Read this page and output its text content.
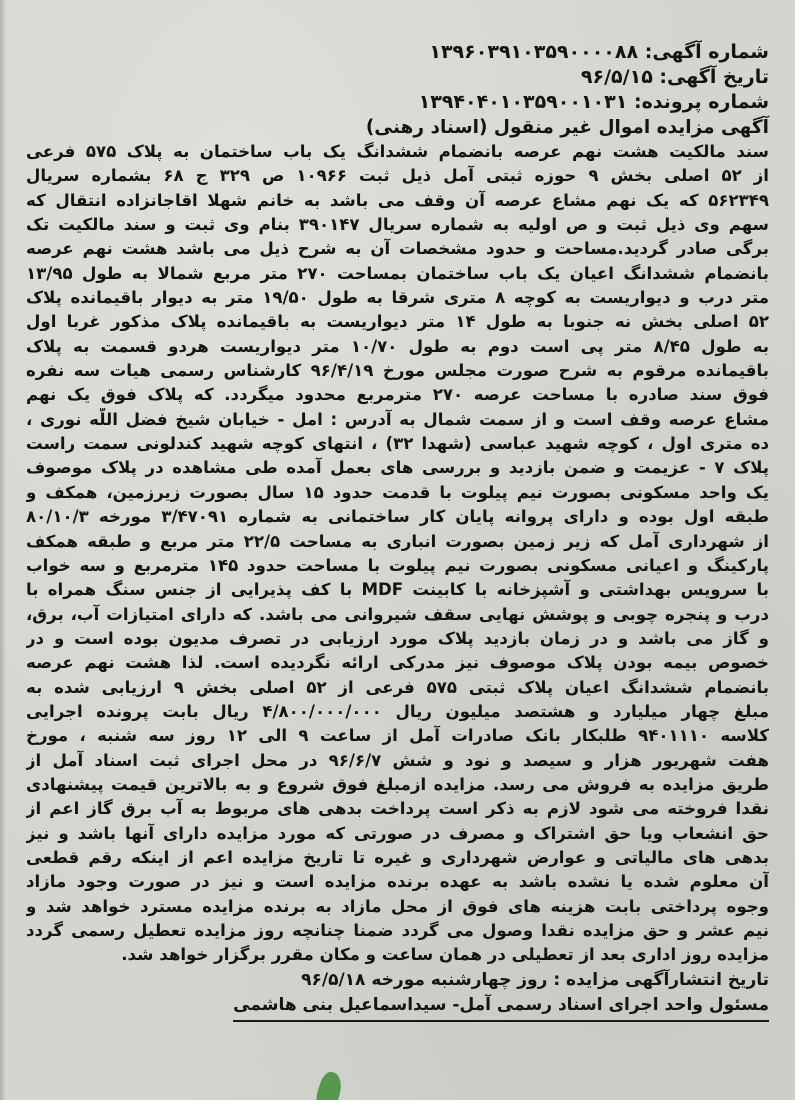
شماره آگهی: ۱۳۹۶۰۳۹۱۰۳۵۹۰۰۰۰۸۸
تاریخ آگهی: ۹۶/۵/۱۵
شماره پرونده: ۱۳۹۴۰۴۰۱۰۳۵۹۰۰۱۰۳۱
آگهی مزایده اموال غیر منقول (اسناد رهنی)
سند مالکیت هشت نهم عرصه بانضمام ششدانگ یک باب ساختمان به پلاک ۵۷۵ فرعی
از ۵۲ اصلی بخش ۹ حوزه ثبتی آمل ذیل ثبت ۱۰۹۶۶ ص ۳۲۹ ج ۶۸ بشماره سریال
۵۶۲۳۴۹ که یک نهم مشاع عرصه آن وقف می باشد به خانم شهلا اقاجانزاده انتقال که
سهم وی ذیل ثبت و ص اولیه به شماره سریال ۳۹۰۱۴۷ بنام وی ثبت و سند مالکیت تک
برگی صادر گردید.مساحت و حدود مشخصات آن به شرح ذیل می باشد هشت نهم عرصه
بانضمام ششدانگ اعیان یک باب ساختمان بمساحت ۲۷۰ متر مربع شمالا به طول ۱۳/۹۵
متر درب و دیواریست به کوچه ۸ متری شرقا به طول ۱۹/۵۰ متر به دیوار باقیمانده پلاک
۵۲ اصلی بخش نه جنوبا به طول ۱۴ متر دیواریست به باقیمانده پلاک مذکور غربا اول
به طول ۸/۴۵ متر پی است دوم به طول ۱۰/۷۰ متر دیواریست هردو قسمت به پلاک
باقیمانده مرقوم به شرح صورت مجلس مورخ ۹۶/۴/۱۹ کارشناس رسمی هیات سه نفره
فوق سند صادره با مساحت عرصه ۲۷۰ مترمربع محدود میگردد. که پلاک فوق یک نهم
مشاع عرصه وقف است و از سمت شمال به آدرس : امل - خیابان شیخ فضل اللّه نوری ،
ده متری اول ، کوچه شهید عباسی (شهدا ۳۲) ، انتهای کوچه شهید کندلونی سمت راست
پلاک ۷ - عزیمت و ضمن بازدید و بررسی های بعمل آمده طی مشاهده در پلاک موصوف
یک واحد مسکونی بصورت نیم پیلوت با قدمت حدود ۱۵ سال بصورت زیرزمین، همکف و
طبقه اول بوده و دارای پروانه پایان کار ساختمانی به شماره ۳/۴۷۰۹۱ مورخه ۸۰/۱۰/۳
از شهرداری آمل که زیر زمین بصورت انباری به مساحت ۲۲/۵ متر مربع و طبقه همکف
پارکینگ و اعیانی مسکونی بصورت نیم پیلوت با مساحت حدود ۱۴۵ مترمربع و سه خواب
با سرویس بهداشتی و آشپزخانه با کابینت MDF با کف پذیرایی از جنس سنگ همراه با
درب و پنجره چوبی و پوشش نهایی سقف شیروانی می باشد. که دارای امتیازات آب، برق،
و گاز می باشد و در زمان بازدید پلاک مورد ارزیابی در تصرف مدیون بوده است و در
خصوص بیمه بودن پلاک موصوف نیز مدرکی ارائه نگردیده است. لذا هشت نهم عرصه
بانضمام ششدانگ اعیان پلاک ثبتی ۵۷۵ فرعی از ۵۲ اصلی بخش ۹ ارزیابی شده به
مبلغ چهار میلیارد و هشتصد میلیون ریال ۴/۸۰۰/۰۰۰/۰۰۰ ریال بابت پرونده اجرایی
کلاسه ۹۴۰۱۱۱۰ طلبکار بانک صادرات آمل از ساعت ۹ الی ۱۲ روز سه شنبه ، مورخ
هفت شهریور هزار و سیصد و نود و شش ۹۶/۶/۷ در محل اجرای ثبت اسناد آمل از
طریق مزایده به فروش می رسد. مزایده ازمبلغ فوق شروع و به بالاترین قیمت پیشنهادی
نقدا فروخته می شود لازم به ذکر است پرداخت بدهی های مربوط به آب برق گاز اعم از
حق انشعاب ویا حق اشتراک و مصرف در صورتی که مورد مزایده دارای آنها باشد و نیز
بدهی های مالیاتی و عوارض شهرداری و غیره تا تاریخ مزایده اعم از اینکه رقم قطعی
آن معلوم شده یا نشده باشد به عهده برنده مزایده است و نیز در صورت وجود مازاد
وجوه پرداختی بابت هزینه های فوق از محل مازاد به برنده مزایده مسترد خواهد شد و
نیم عشر و حق مزایده نقدا وصول می گردد ضمنا چنانچه روز مزایده تعطیل رسمی گردد
مزایده روز اداری بعد از تعطیلی در همان ساعت و مکان مقرر برگزار خواهد شد.
تاریخ انتشارآگهی مزایده : روز چهارشنبه مورخه ۹۶/۵/۱۸
مسئول واحد اجرای اسناد رسمی آمل- سیداسماعیل بنی هاشمی
